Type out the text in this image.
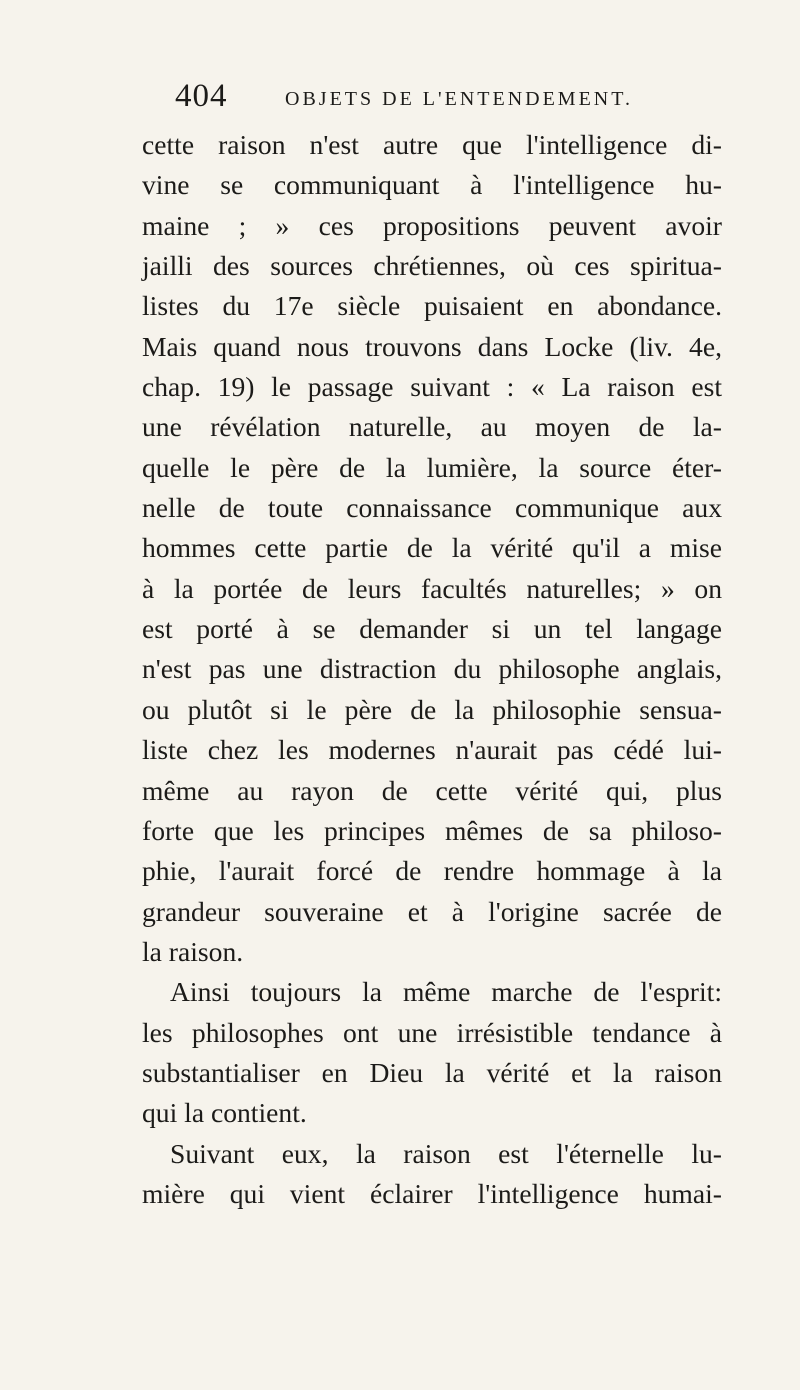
404	OBJETS DE L'ENTENDEMENT.
cette raison n'est autre que l'intelligence di-
vine se communiquant à l'intelligence hu-
maine ; » ces propositions peuvent avoir
jailli des sources chrétiennes, où ces spiritua-
listes du 17e siècle puisaient en abondance.
Mais quand nous trouvons dans Locke (liv. 4e,
chap. 19) le passage suivant : « La raison est
une révélation naturelle, au moyen de la-
quelle le père de la lumière, la source éter-
nelle de toute connaissance communique aux
hommes cette partie de la vérité qu'il a mise
à la portée de leurs facultés naturelles; » on
est porté à se demander si un tel langage
n'est pas une distraction du philosophe anglais,
ou plutôt si le père de la philosophie sensua-
liste chez les modernes n'aurait pas cédé lui-
même au rayon de cette vérité qui, plus
forte que les principes mêmes de sa philoso-
phie, l'aurait forcé de rendre hommage à la
grandeur souveraine et à l'origine sacrée de
la raison.
Ainsi toujours la même marche de l'esprit:
les philosophes ont une irrésistible tendance à
substantialiser en Dieu la vérité et la raison
qui la contient.
Suivant eux, la raison est l'éternelle lu-
mière qui vient éclairer l'intelligence humai-
